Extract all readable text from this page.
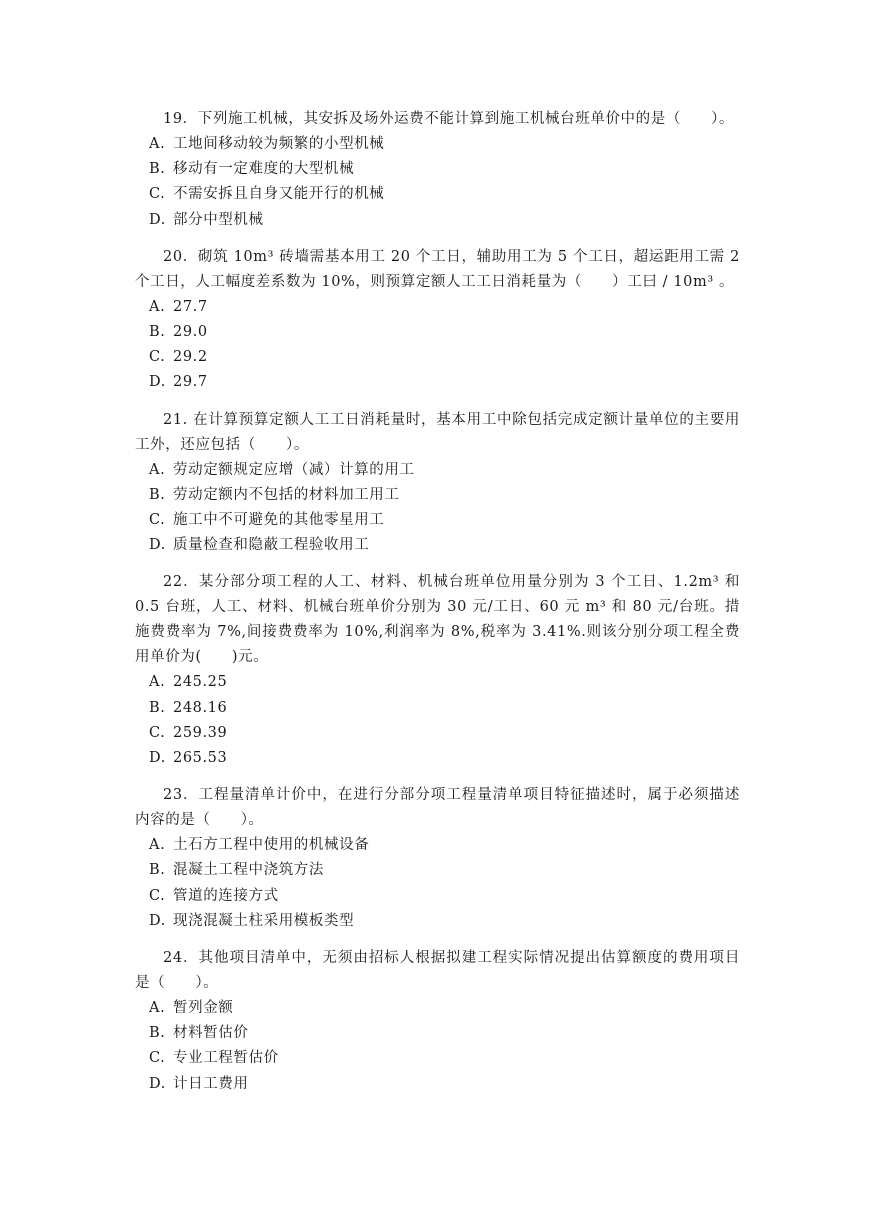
19．下列施工机械，其安拆及场外运费不能计算到施工机械台班单价中的是（　　）。

A. 工地间移动较为频繁的小型机械

B. 移动有一定难度的大型机械

C. 不需安拆且自身又能开行的机械

D. 部分中型机械

20．砌筑 10m³ 砖墙需基本用工 20 个工日，辅助用工为 5 个工日，超运距用工需 2 个工日，人工幅度差系数为 10%，则预算定额人工工日消耗量为（　　）工曰 / 10m³ 。

A. 27.7

B. 29.0

C. 29.2

D. 29.7

21. 在计算预算定额人工工日消耗量时，基本用工中除包括完成定额计量单位的主要用工外，还应包括（　　）。

A. 劳动定额规定应增（减）计算的用工

B. 劳动定额内不包括的材料加工用工

C. 施工中不可避免的其他零星用工

D. 质量检查和隐蔽工程验收用工

22．某分部分项工程的人工、材料、机械台班单位用量分别为 3 个工日、1.2m³ 和 0.5 台班，人工、材料、机械台班单价分别为 30 元/工日、60 元 m³ 和 80 元/台班。措施费费率为 7%,间接费费率为 10%,利润率为 8%,税率为 3.41%.则该分别分项工程全费用单价为(　　)元。

A. 245.25

B. 248.16

C. 259.39

D. 265.53

23．工程量清单计价中，在进行分部分项工程量清单项目特征描述时，属于必须描述内容的是（　　）。

A. 土石方工程中使用的机械设备

B. 混凝土工程中浇筑方法

C. 管道的连接方式

D. 现浇混凝土柱采用模板类型

24．其他项目清单中，无须由招标人根据拟建工程实际情况提出估算额度的费用项目是（　　）。

A. 暂列金额

B. 材料暂估价

C. 专业工程暂估价

D. 计日工费用
